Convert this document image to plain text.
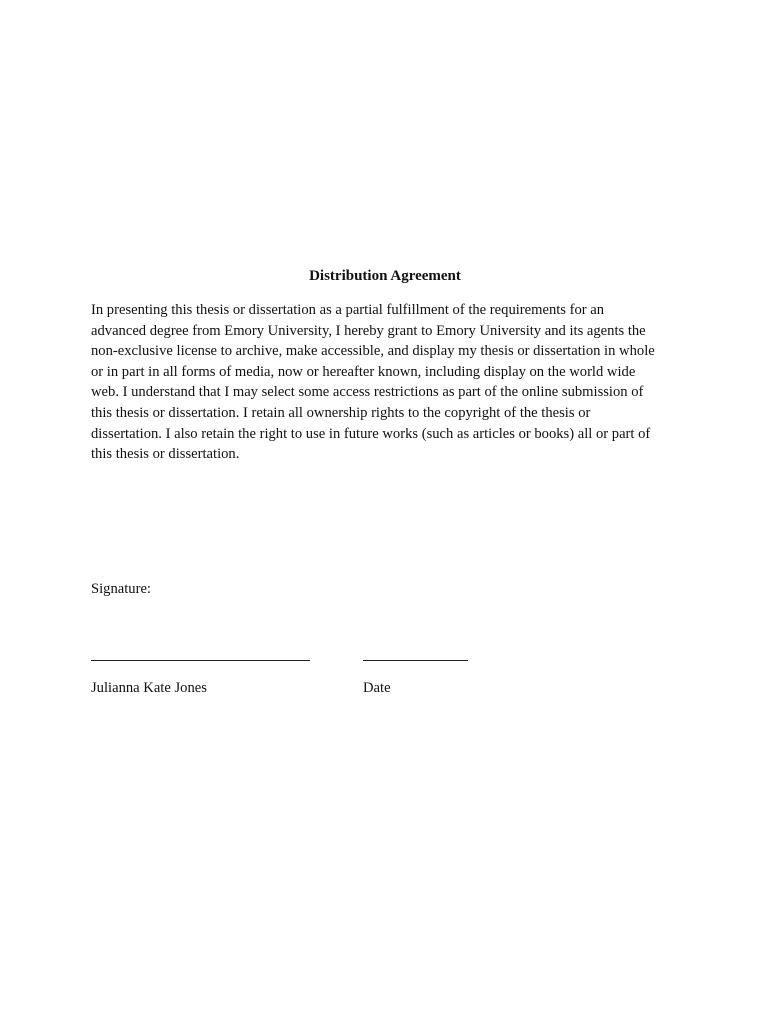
Distribution Agreement

In presenting this thesis or dissertation as a partial fulfillment of the requirements for an
advanced degree from Emory University, I hereby grant to Emory University and its agents the
non-exclusive license to archive, make accessible, and display my thesis or dissertation in whole
or in part in all forms of media, now or hereafter known, including display on the world wide
web. I understand that I may select some access restrictions as part of the online submission of
this thesis or dissertation. I retain all ownership rights to the copyright of the thesis or
dissertation. I also retain the right to use in future works (such as articles or books) all or part of
this thesis or dissertation.

Signature:
Julianna Kate Jones	Date
